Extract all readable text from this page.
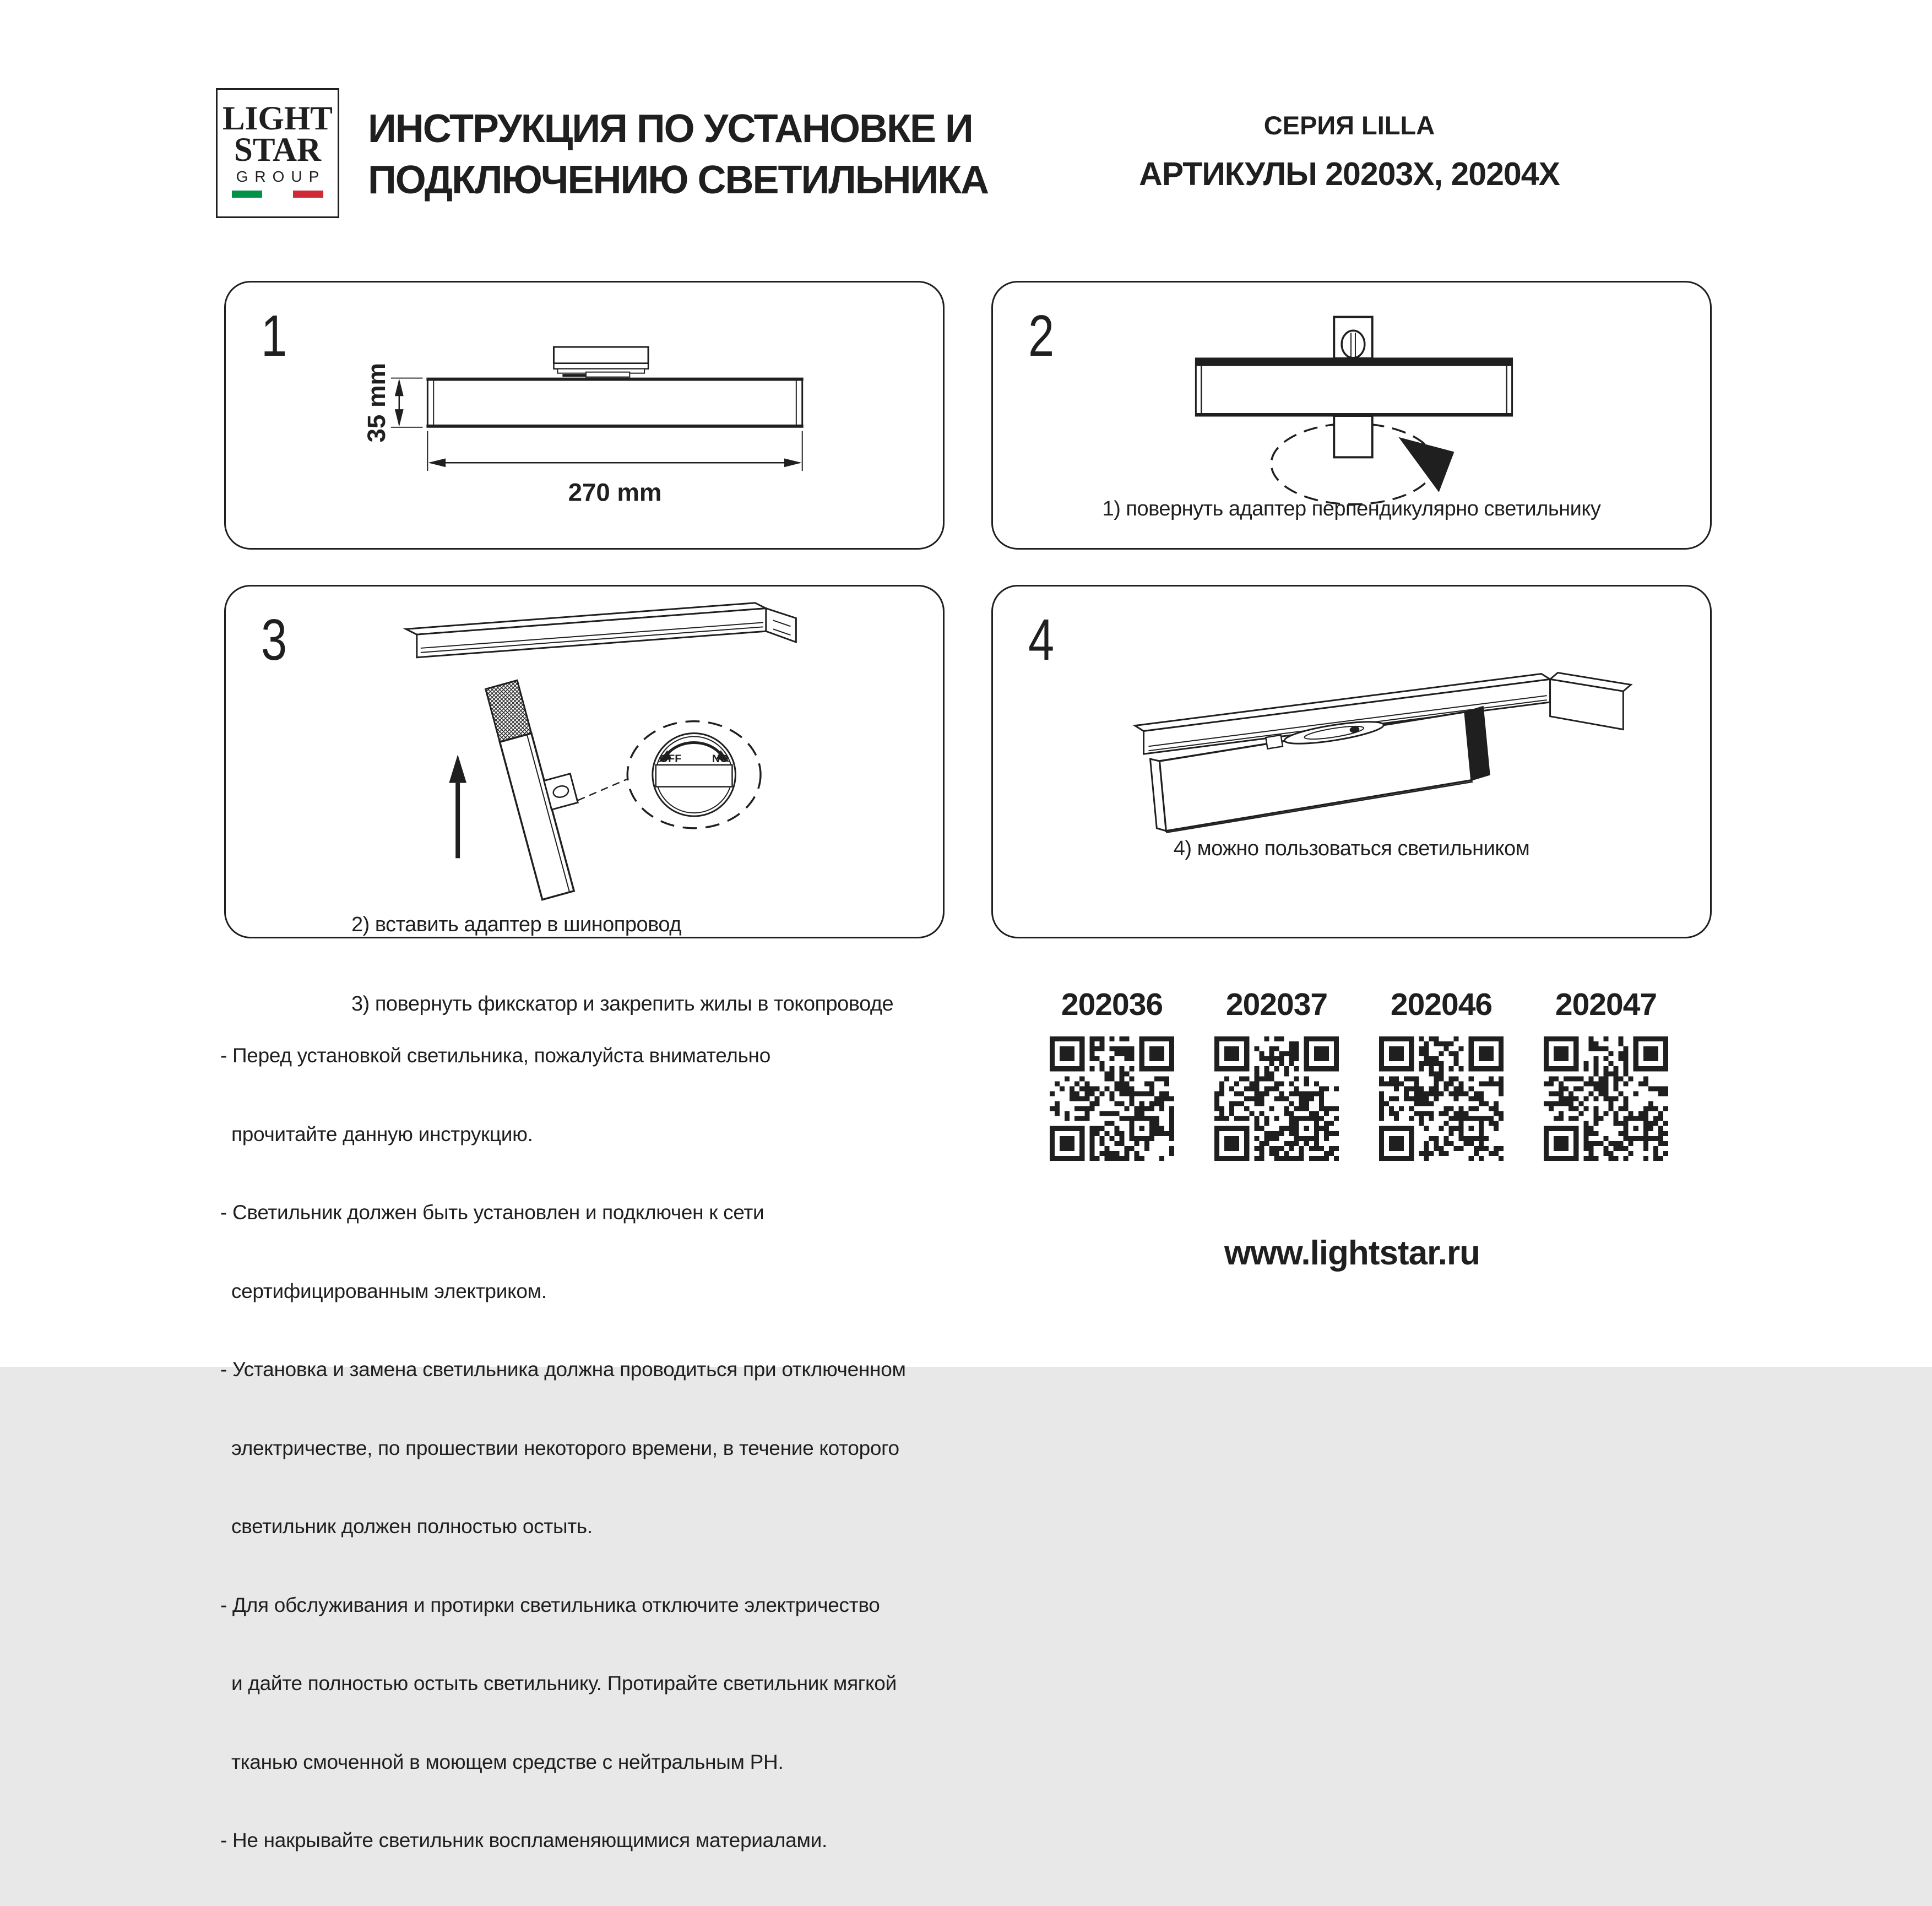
LIGHT
STAR
GROUP
ИНСТРУКЦИЯ ПО УСТАНОВКЕ И
ПОДКЛЮЧЕНИЮ СВЕТИЛЬНИКА
СЕРИЯ LILLA
АРТИКУЛЫ 20203X, 20204X
35 mm
270 mm
1	2
1) повернуть адаптер перпендикулярно светильнику
OFF	NO
3

2) вставить адаптер в шинопровод

3) повернуть фикскатор и закрепить жилы в токопроводе

4
4) можно пользоваться светильником

- Перед установкой светильника, пожалуйста внимательно

прочитайте данную инструкцию.

- Светильник должен быть установлен и подключен к сети

сертифицированным электриком.

- Установка и замена светильника должна проводиться при отключенном

электричестве, по прошествии некоторого времени, в течение которого

светильник должен полностью остыть.

- Для обслуживания и протирки светильника отключите электричество

и дайте полностью остыть светильнику. Протирайте светильник мягкой

тканью смоченной в моющем средстве с нейтральным PH.

- Не накрывайте светильник воспламеняющимися материалами.

202036	202037	202046	202047
www.lightstar.ru
